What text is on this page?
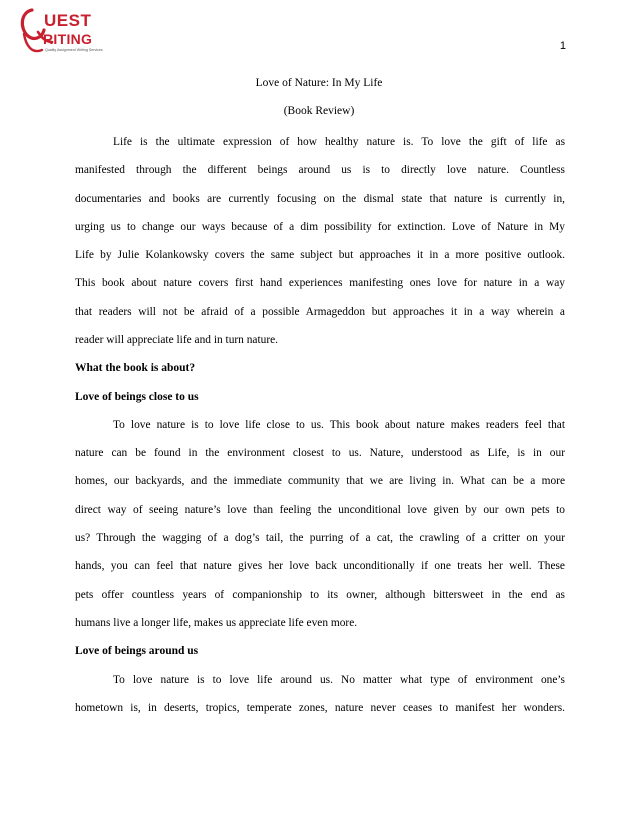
UEST
RITING
Quality Assignment Writing Services	1
Love of Nature: In My Life
(Book Review)
Life is the ultimate expression of how healthy nature is. To love the gift of life as
manifested through the different beings around us is to directly love nature. Countless
documentaries and books are currently focusing on the dismal state that nature is currently in,
urging us to change our ways because of a dim possibility for extinction. Love of Nature in My
Life by Julie Kolankowsky covers the same subject but approaches it in a more positive outlook.
This book about nature covers first hand experiences manifesting ones love for nature in a way
that readers will not be afraid of a possible Armageddon but approaches it in a way wherein a
reader will appreciate life and in turn nature.
What the book is about?
Love of beings close to us
To love nature is to love life close to us. This book about nature makes readers feel that
nature can be found in the environment closest to us. Nature, understood as Life, is in our
homes, our backyards, and the immediate community that we are living in. What can be a more
direct way of seeing nature’s love than feeling the unconditional love given by our own pets to
us? Through the wagging of a dog’s tail, the purring of a cat, the crawling of a critter on your
hands, you can feel that nature gives her love back unconditionally if one treats her well. These
pets offer countless years of companionship to its owner, although bittersweet in the end as
humans live a longer life, makes us appreciate life even more.
Love of beings around us
To love nature is to love life around us. No matter what type of environment one’s
hometown is, in deserts, tropics, temperate zones, nature never ceases to manifest her wonders.
